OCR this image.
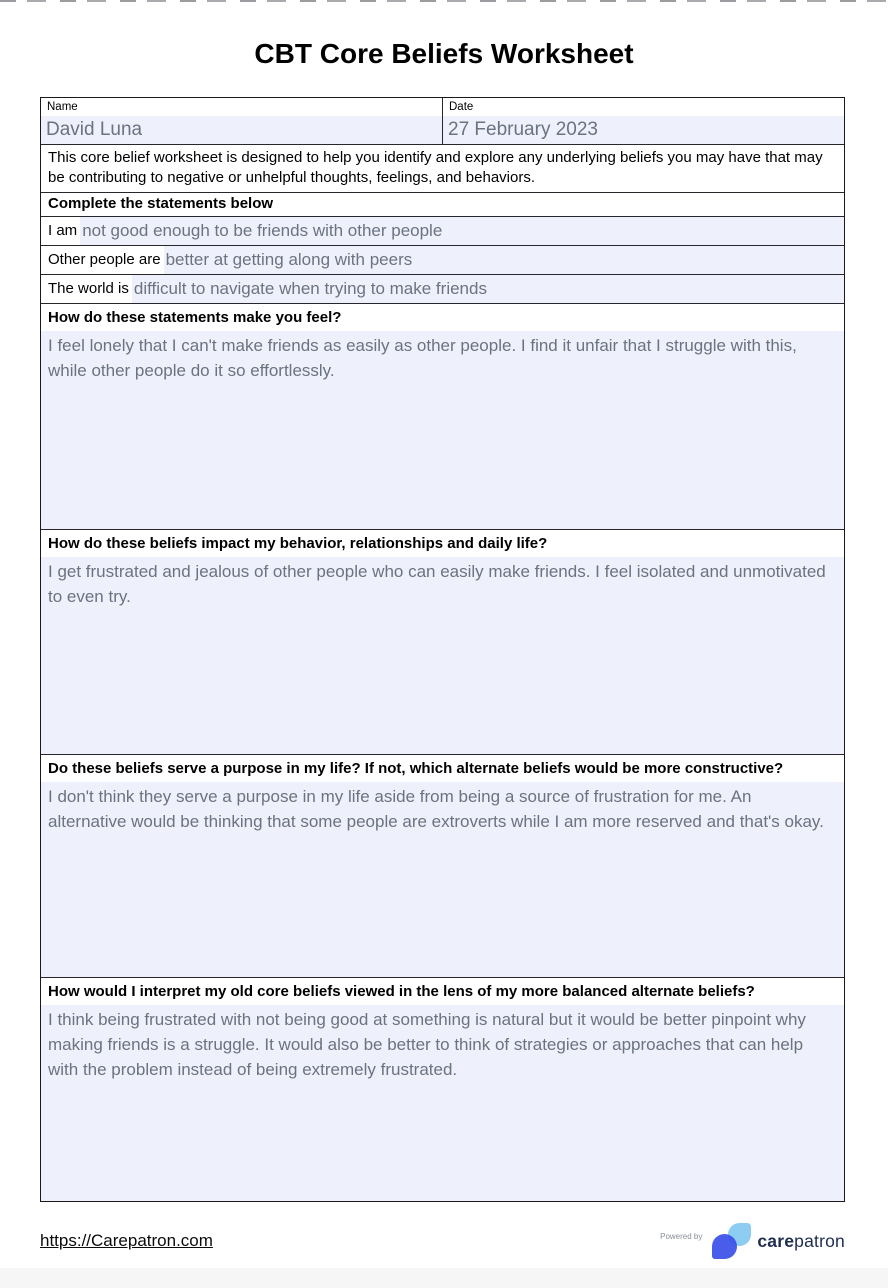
CBT Core Beliefs Worksheet
Name
David Luna
Date
27 February 2023
This core belief worksheet is designed to help you identify and explore any underlying beliefs you may have that may be contributing to negative or unhelpful thoughts, feelings, and behaviors.
Complete the statements below
I am not good enough to be friends with other people
Other people are better at getting along with peers
The world is difficult to navigate when trying to make friends
How do these statements make you feel?
I feel lonely that I can't make friends as easily as other people. I find it unfair that I struggle with this, while other people do it so effortlessly.
How do these beliefs impact my behavior, relationships and daily life?
I get frustrated and jealous of other people who can easily make friends. I feel isolated and unmotivated to even try.
Do these beliefs serve a purpose in my life? If not, which alternate beliefs would be more constructive?
I don't think they serve a purpose in my life aside from being a source of frustration for me. An alternative would be thinking that some people are extroverts while I am more reserved and that's okay.
How would I interpret my old core beliefs viewed in the lens of my more balanced alternate beliefs?
I think being frustrated with not being good at something is natural but it would be better pinpoint why making friends is a struggle. It would also be better to think of strategies or approaches that can help with the problem instead of being extremely frustrated.
https://Carepatron.com	Powered by	carepatron
